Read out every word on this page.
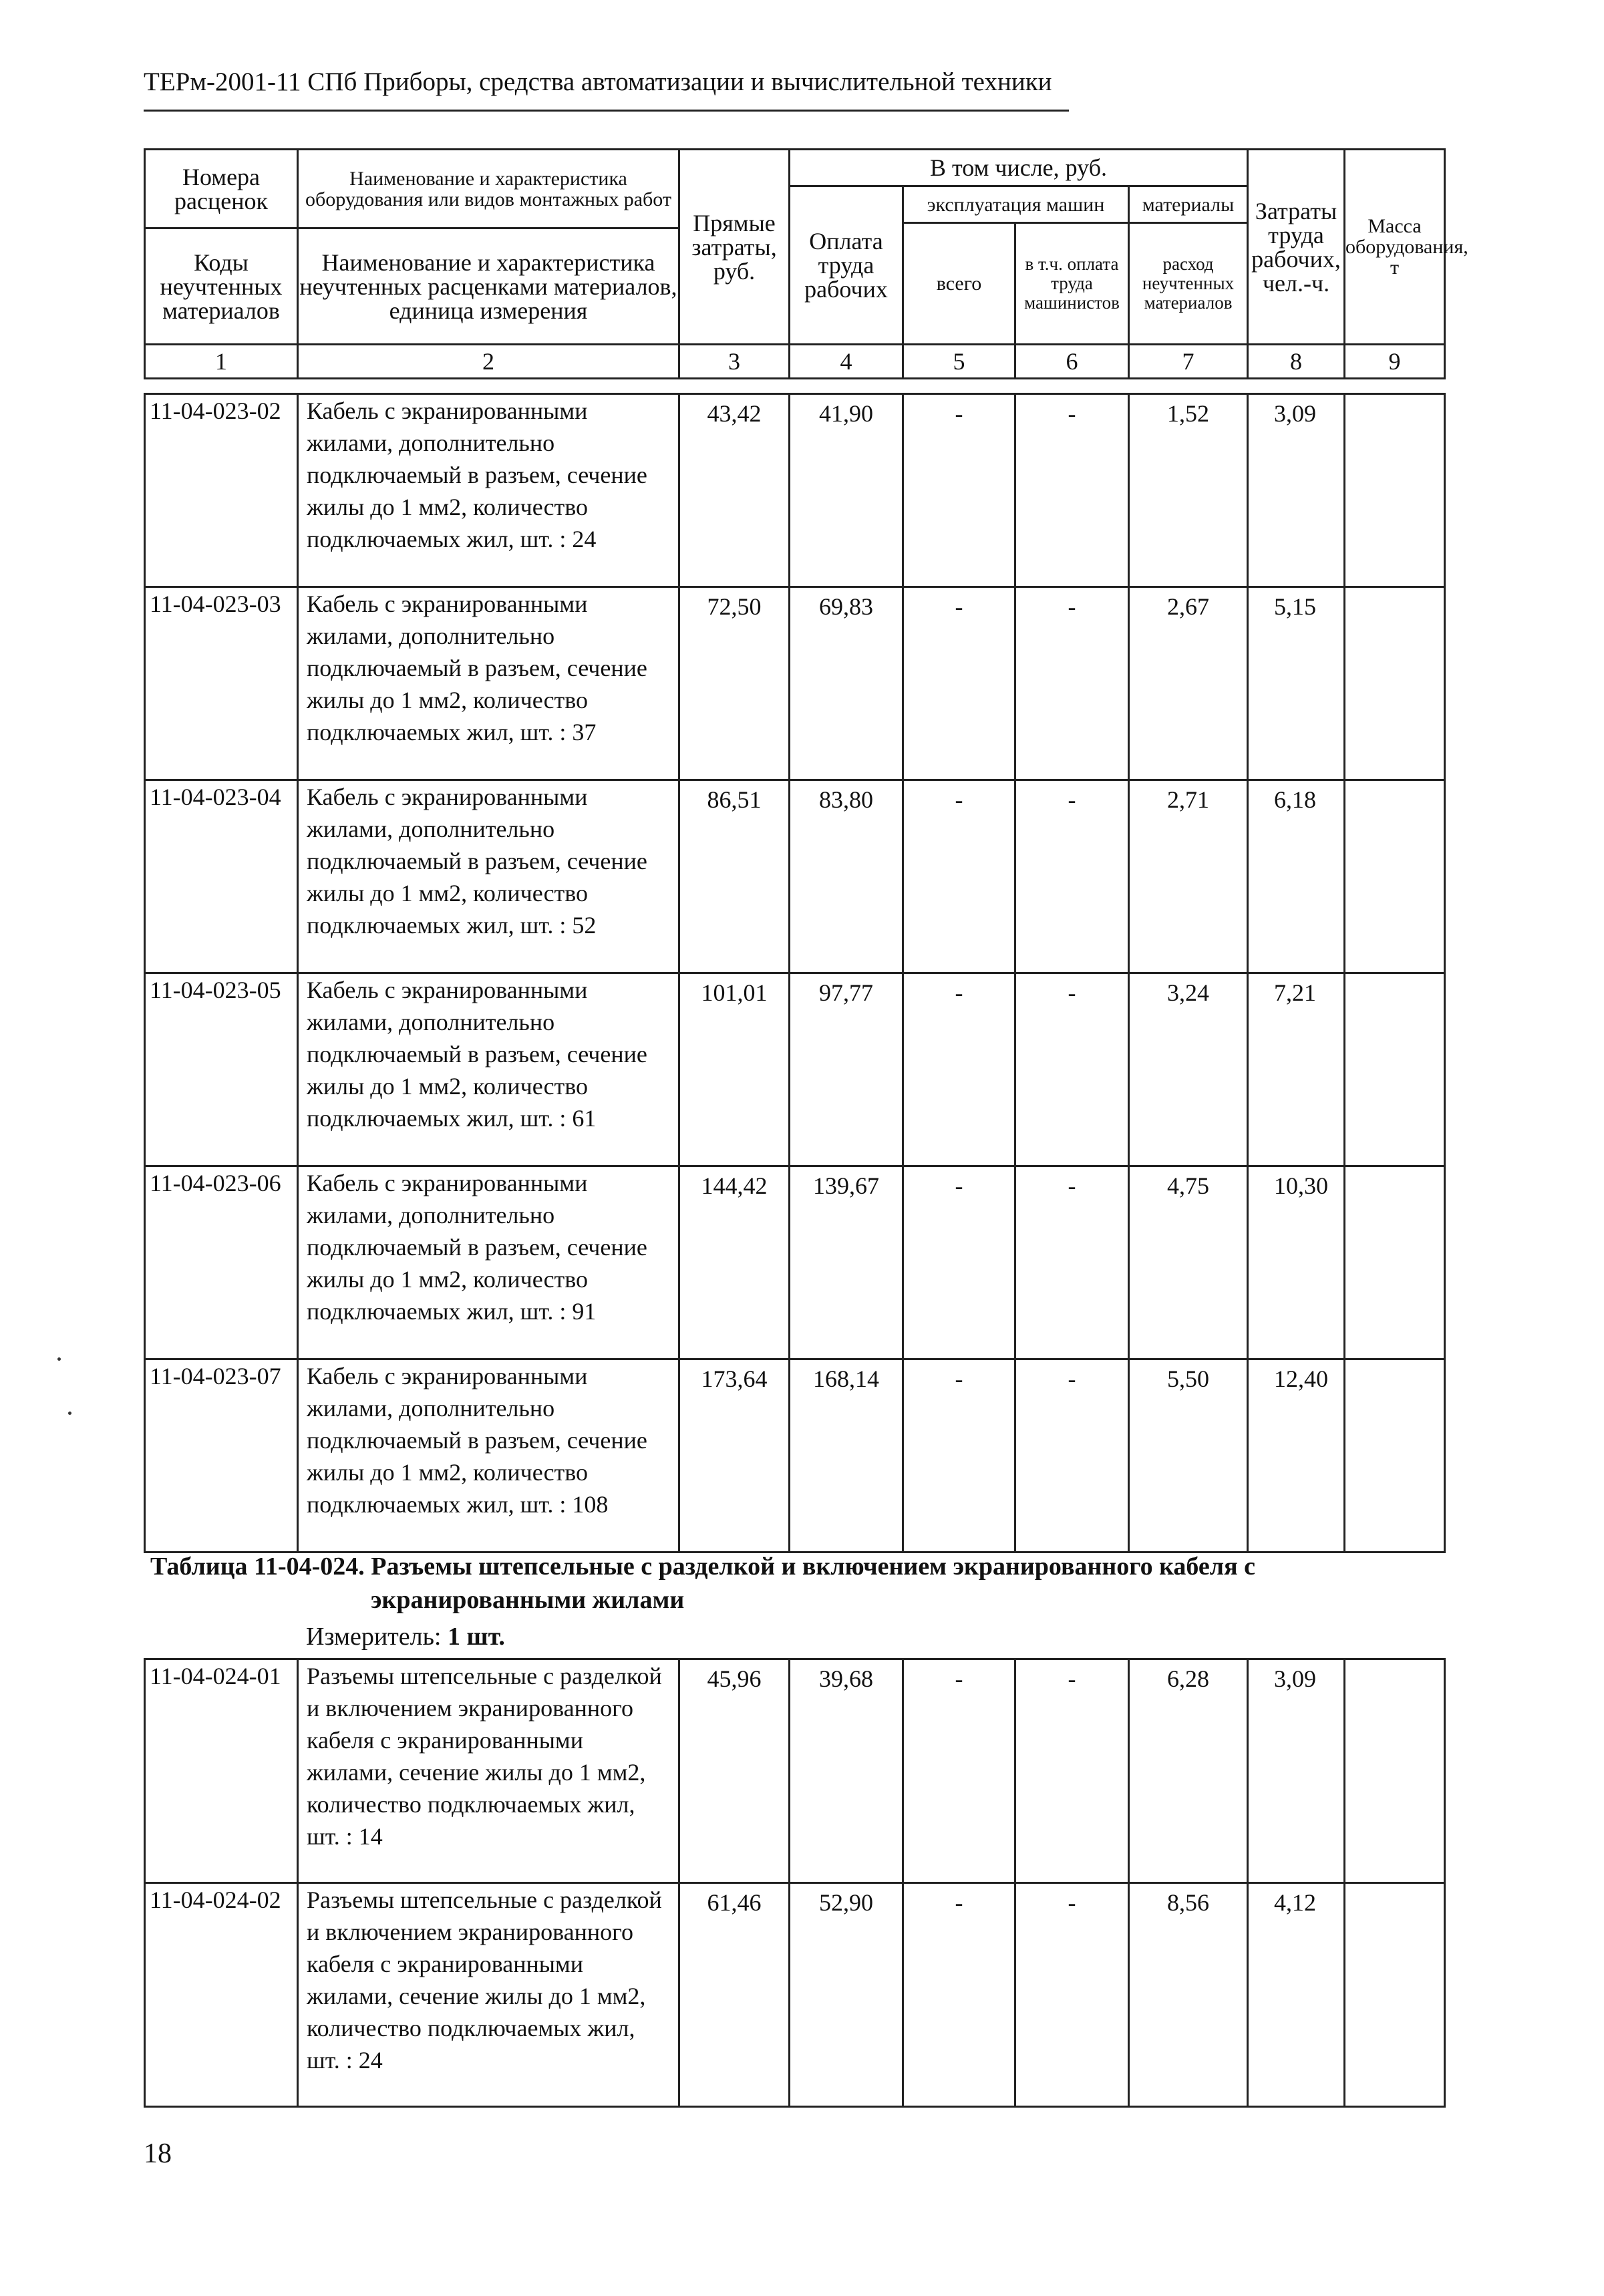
ТЕРм-2001-11 СПб Приборы, средства автоматизации и вычислительной техники
Номера расценок	Наименование и характеристика оборудования или видов монтажных работ	Прямые затраты, руб.	В том числе, руб.				Затраты труда рабочих, чел.-ч.	Масса оборудования, т
			Оплата труда рабочих	эксплуатация машин		материалы		
				всего	в т.ч. оплата труда машинистов	расход неучтенных материалов		
Коды неучтенных материалов	Наименование и характеристика неучтенных расценками материалов, единица измерения							

1	2	3	4	5	6	7	8	9
11-04-023-02	Кабель с экранированными жилами, дополнительно подключаемый в разъем, сечение жилы до 1 мм2, количество подключаемых жил, шт. : 24	43,42	41,90	-	-	1,52	3,09	
11-04-023-03	Кабель с экранированными жилами, дополнительно подключаемый в разъем, сечение жилы до 1 мм2, количество подключаемых жил, шт. : 37	72,50	69,83	-	-	2,67	5,15	
11-04-023-04	Кабель с экранированными жилами, дополнительно подключаемый в разъем, сечение жилы до 1 мм2, количество подключаемых жил, шт. : 52	86,51	83,80	-	-	2,71	6,18	
11-04-023-05	Кабель с экранированными жилами, дополнительно подключаемый в разъем, сечение жилы до 1 мм2, количество подключаемых жил, шт. : 61	101,01	97,77	-	-	3,24	7,21	
11-04-023-06	Кабель с экранированными жилами, дополнительно подключаемый в разъем, сечение жилы до 1 мм2, количество подключаемых жил, шт. : 91	144,42	139,67	-	-	4,75	10,30	
11-04-023-07	Кабель с экранированными жилами, дополнительно подключаемый в разъем, сечение жилы до 1 мм2, количество подключаемых жил, шт. : 108	173,64	168,14	-	-	5,50	12,40	
Таблица 11-04-024. Разъемы штепсельные с разделкой и включением экранированного кабеля с
экранированными жилами
Измеритель: 1 шт.
11-04-024-01	Разъемы штепсельные с разделкой и включением экранированного кабеля с экранированными жилами, сечение жилы до 1 мм2, количество подключаемых жил, шт. : 14	45,96	39,68	-	-	6,28	3,09	
11-04-024-02	Разъемы штепсельные с разделкой и включением экранированного кабеля с экранированными жилами, сечение жилы до 1 мм2, количество подключаемых жил, шт. : 24	61,46	52,90	-	-	8,56	4,12	
18
